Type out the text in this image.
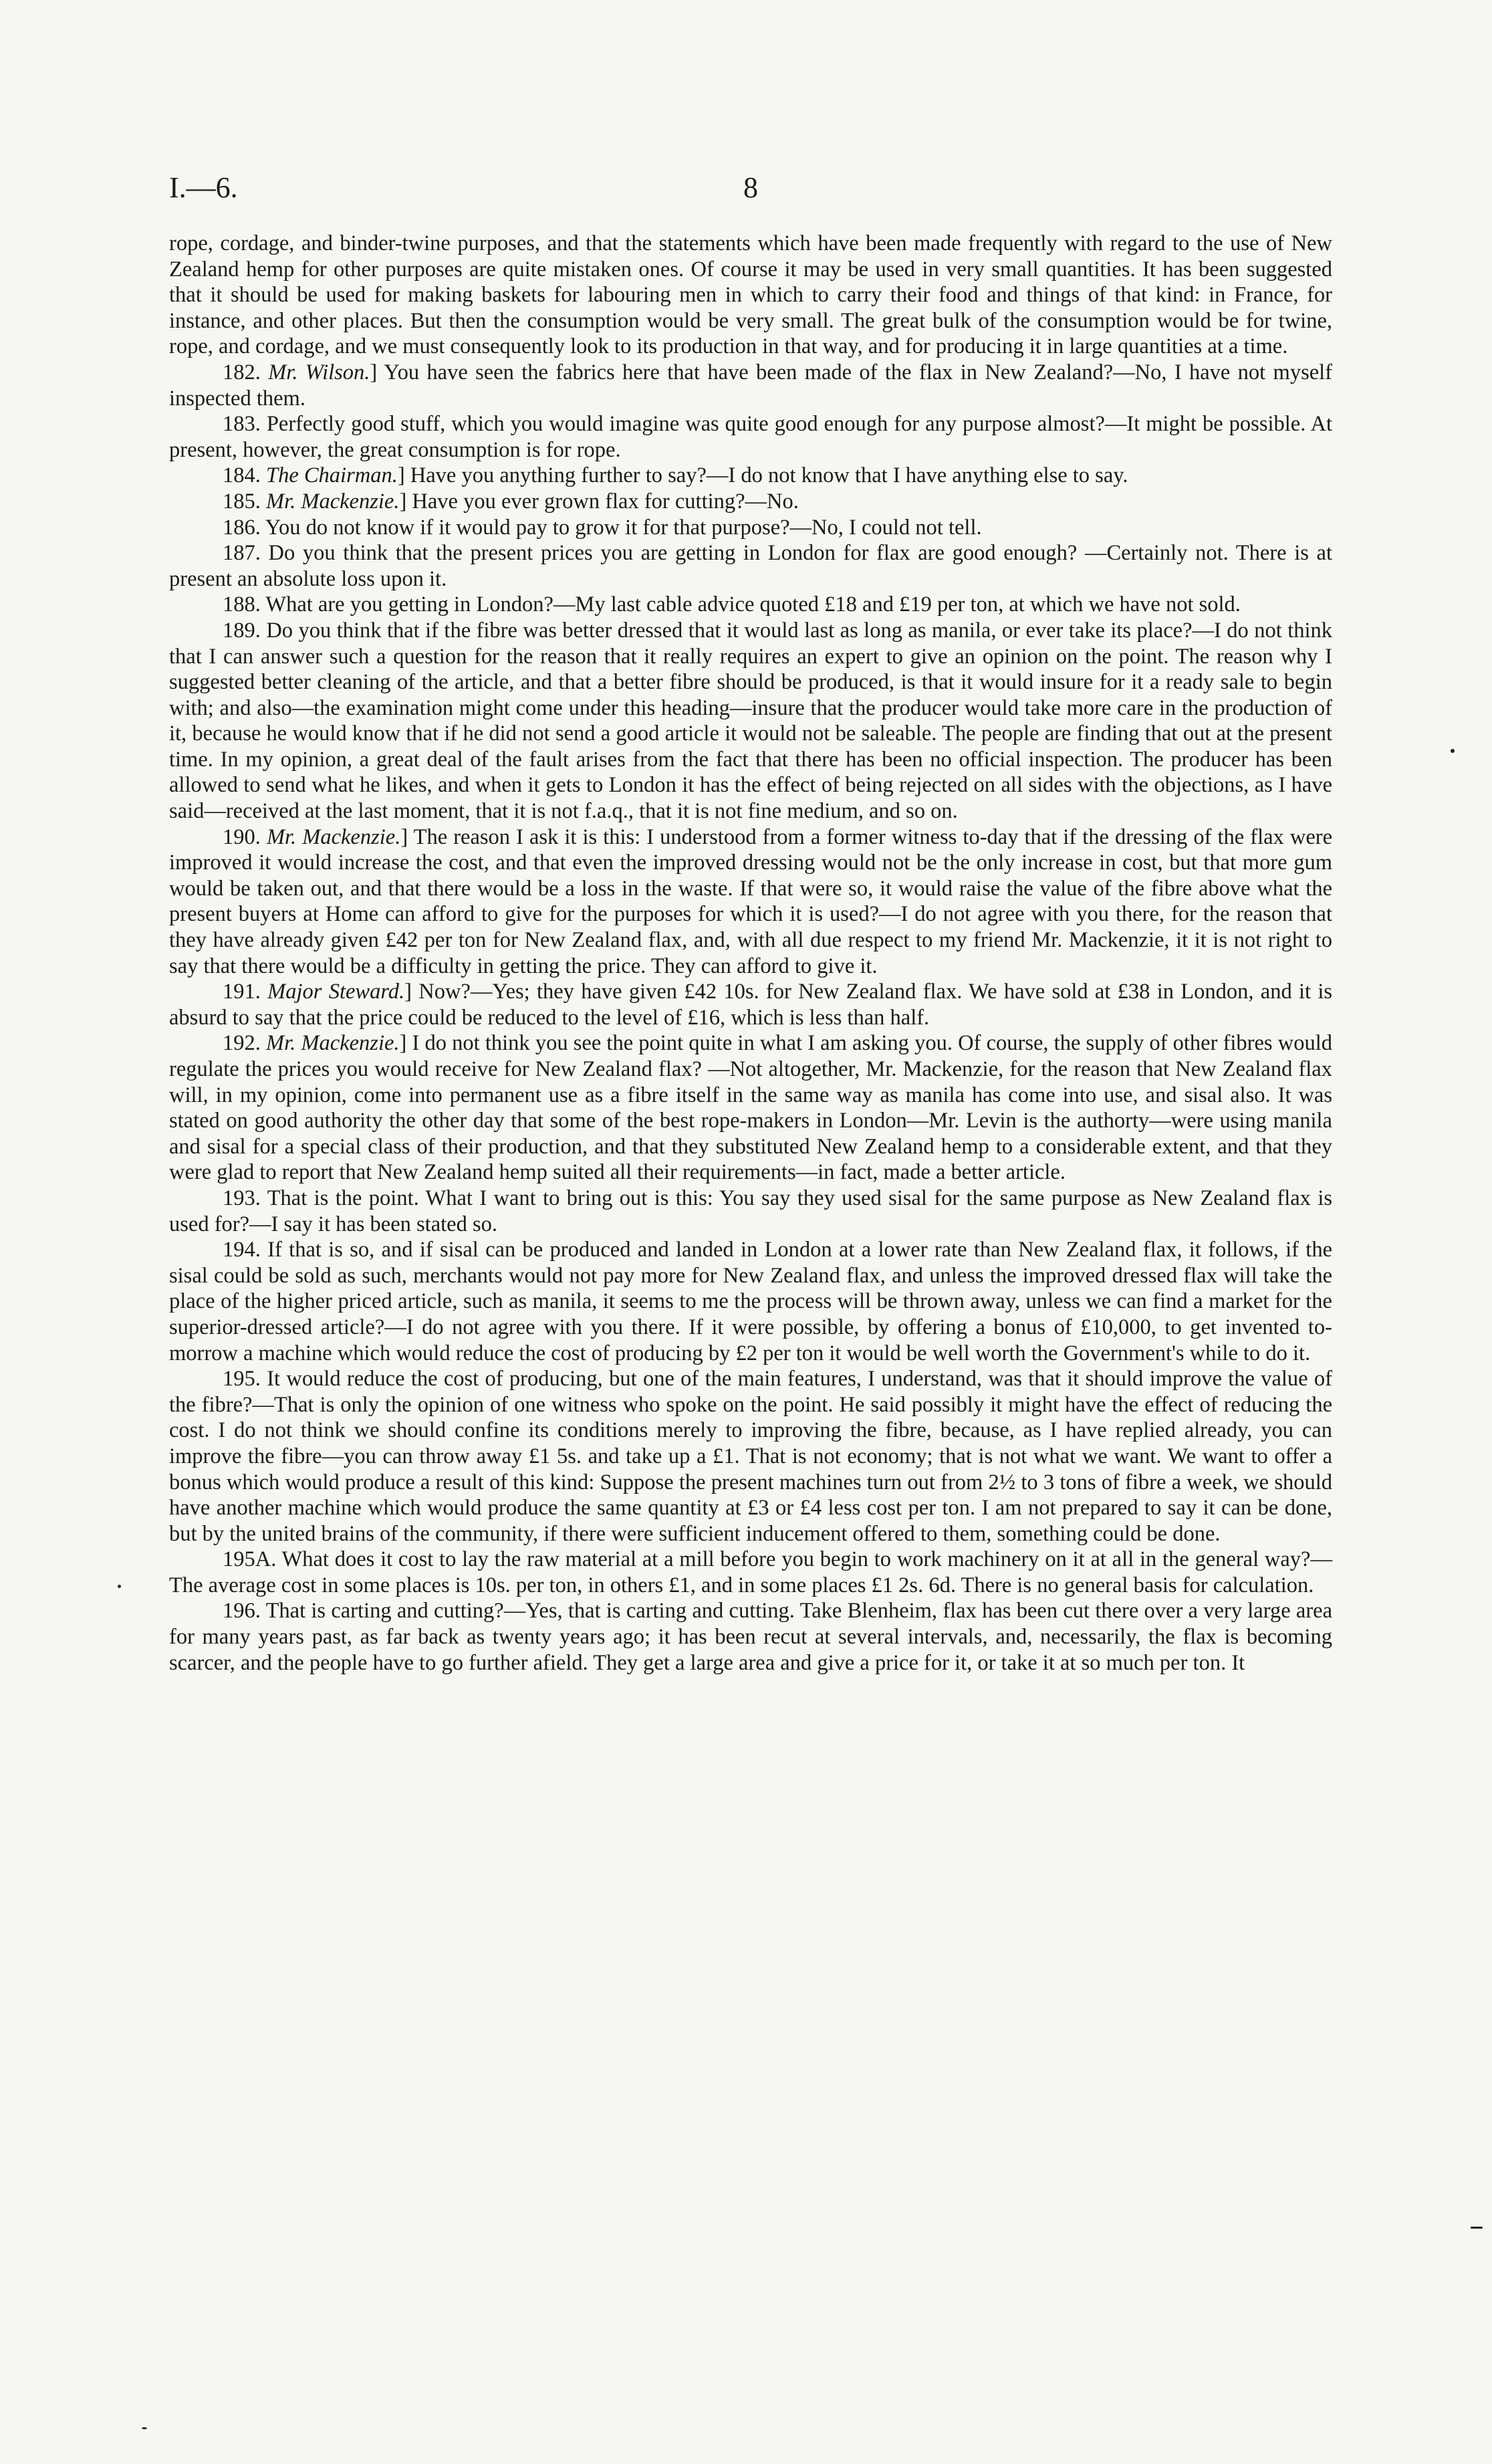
I.—6.	8

rope, cordage, and binder-twine purposes, and that the statements which have been made frequently with regard to the use of New Zealand hemp for other purposes are quite mistaken ones. Of course it may be used in very small quantities. It has been suggested that it should be used for making baskets for labouring men in which to carry their food and things of that kind: in France, for instance, and other places. But then the consumption would be very small. The great bulk of the consumption would be for twine, rope, and cordage, and we must consequently look to its production in that way, and for producing it in large quantities at a time.

182. Mr. Wilson.] You have seen the fabrics here that have been made of the flax in New Zealand?—No, I have not myself inspected them.

183. Perfectly good stuff, which you would imagine was quite good enough for any purpose almost?—It might be possible. At present, however, the great consumption is for rope.

184. The Chairman.] Have you anything further to say?—I do not know that I have anything else to say.

185. Mr. Mackenzie.] Have you ever grown flax for cutting?—No.

186. You do not know if it would pay to grow it for that purpose?—No, I could not tell.

187. Do you think that the present prices you are getting in London for flax are good enough? —Certainly not. There is at present an absolute loss upon it.

188. What are you getting in London?—My last cable advice quoted £18 and £19 per ton, at which we have not sold.

189. Do you think that if the fibre was better dressed that it would last as long as manila, or ever take its place?—I do not think that I can answer such a question for the reason that it really requires an expert to give an opinion on the point. The reason why I suggested better cleaning of the article, and that a better fibre should be produced, is that it would insure for it a ready sale to begin with; and also—the examination might come under this heading—insure that the producer would take more care in the production of it, because he would know that if he did not send a good article it would not be saleable. The people are finding that out at the present time. In my opinion, a great deal of the fault arises from the fact that there has been no official inspection. The producer has been allowed to send what he likes, and when it gets to London it has the effect of being rejected on all sides with the objections, as I have said—received at the last moment, that it is not f.a.q., that it is not fine medium, and so on.

190. Mr. Mackenzie.] The reason I ask it is this: I understood from a former witness to-day that if the dressing of the flax were improved it would increase the cost, and that even the improved dressing would not be the only increase in cost, but that more gum would be taken out, and that there would be a loss in the waste. If that were so, it would raise the value of the fibre above what the present buyers at Home can afford to give for the purposes for which it is used?—I do not agree with you there, for the reason that they have already given £42 per ton for New Zealand flax, and, with all due respect to my friend Mr. Mackenzie, it it is not right to say that there would be a difficulty in getting the price. They can afford to give it.

191. Major Steward.] Now?—Yes; they have given £42 10s. for New Zealand flax. We have sold at £38 in London, and it is absurd to say that the price could be reduced to the level of £16, which is less than half.

192. Mr. Mackenzie.] I do not think you see the point quite in what I am asking you. Of course, the supply of other fibres would regulate the prices you would receive for New Zealand flax? —Not altogether, Mr. Mackenzie, for the reason that New Zealand flax will, in my opinion, come into permanent use as a fibre itself in the same way as manila has come into use, and sisal also. It was stated on good authority the other day that some of the best rope-makers in London—Mr. Levin is the authorty—were using manila and sisal for a special class of their production, and that they substituted New Zealand hemp to a considerable extent, and that they were glad to report that New Zealand hemp suited all their requirements—in fact, made a better article.

193. That is the point. What I want to bring out is this: You say they used sisal for the same purpose as New Zealand flax is used for?—I say it has been stated so.

194. If that is so, and if sisal can be produced and landed in London at a lower rate than New Zealand flax, it follows, if the sisal could be sold as such, merchants would not pay more for New Zealand flax, and unless the improved dressed flax will take the place of the higher priced article, such as manila, it seems to me the process will be thrown away, unless we can find a market for the superior-dressed article?—I do not agree with you there. If it were possible, by offering a bonus of £10,000, to get invented to-morrow a machine which would reduce the cost of producing by £2 per ton it would be well worth the Government's while to do it.

195. It would reduce the cost of producing, but one of the main features, I understand, was that it should improve the value of the fibre?—That is only the opinion of one witness who spoke on the point. He said possibly it might have the effect of reducing the cost. I do not think we should confine its conditions merely to improving the fibre, because, as I have replied already, you can improve the fibre—you can throw away £1 5s. and take up a £1. That is not economy; that is not what we want. We want to offer a bonus which would produce a result of this kind: Suppose the present machines turn out from 2½ to 3 tons of fibre a week, we should have another machine which would produce the same quantity at £3 or £4 less cost per ton. I am not prepared to say it can be done, but by the united brains of the community, if there were sufficient inducement offered to them, something could be done.

195A. What does it cost to lay the raw material at a mill before you begin to work machinery on it at all in the general way?—The average cost in some places is 10s. per ton, in others £1, and in some places £1 2s. 6d. There is no general basis for calculation.

196. That is carting and cutting?—Yes, that is carting and cutting. Take Blenheim, flax has been cut there over a very large area for many years past, as far back as twenty years ago; it has been recut at several intervals, and, necessarily, the flax is becoming scarcer, and the people have to go further afield. They get a large area and give a price for it, or take it at so much per ton. It
